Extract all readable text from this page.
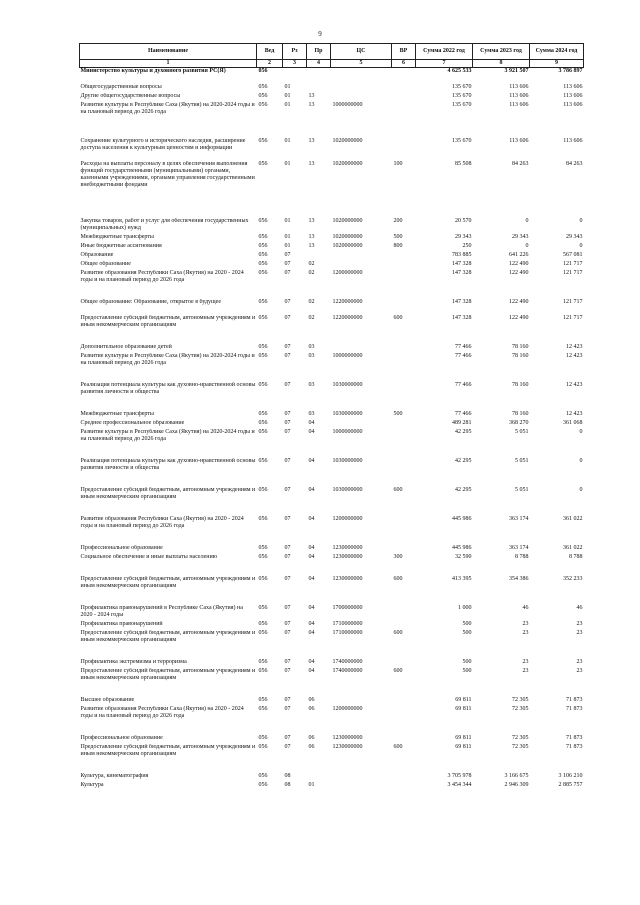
9
Наименование	Вед	Рз	Пр	ЦС	ВР	Сумма 2022 год	Сумма 2023 год	Сумма 2024 год
1	2	3	4	5	6	7	8	9
Министерство культуры и духовного развития РС(Я)	056					4 625 533	3 921 507	3 786 897
Общегосударственные вопросы	056	01				135 670	113 606	113 606
Другие общегосударственные вопросы	056	01	13			135 670	113 606	113 606
Развитие культуры в Республике Саха (Якутия) на 2020-2024 годы и на плановый период до 2026 года	056	01	13	1000000000		135 670	113 606	113 606
Сохранение культурного и исторического наследия, расширение доступа населения к культурным ценностям и информации	056	01	13	1020000000		135 670	113 606	113 606
Расходы на выплаты персоналу в целях обеспечения выполнения функций государственными (муниципальными) органами, казенными учреждениями, органами управления государственными внебюджетными фондами	056	01	13	1020000000	100	85 508	84 263	84 263
Закупка товаров, работ и услуг для обеспечения государственных (муниципальных) нужд	056	01	13	1020000000	200	20 570	0	0
Межбюджетные трансферты	056	01	13	1020000000	500	29 343	29 343	29 343
Иные бюджетные ассигнования	056	01	13	1020000000	800	250	0	0
Образование	056	07				783 885	641 226	567 081
Общее образование	056	07	02			147 328	122 490	121 717
Развитие образования Республики Саха (Якутия) на 2020 - 2024 годы и на плановый период до 2026 года	056	07	02	1200000000		147 328	122 490	121 717
Общее образование: Образование, открытое в будущее	056	07	02	1220000000		147 328	122 490	121 717
Предоставление субсидий бюджетным, автономным учреждениям и иным некоммерческим организациям	056	07	02	1220000000	600	147 328	122 490	121 717
Дополнительное образование детей	056	07	03			77 466	78 160	12 423
Развитие культуры в Республике Саха (Якутия) на 2020-2024 годы и на плановый период до 2026 года	056	07	03	1000000000		77 466	78 160	12 423
Реализация потенциала культуры как духовно-нравственной основы развития личности и общества	056	07	03	1030000000		77 466	78 160	12 423
Межбюджетные трансферты	056	07	03	1030000000	500	77 466	78 160	12 423
Среднее профессиональное образование	056	07	04			489 281	368 270	361 068
Развитие культуры в Республике Саха (Якутия) на 2020-2024 годы и на плановый период до 2026 года	056	07	04	1000000000		42 295	5 051	0
Реализация потенциала культуры как духовно-нравственной основы развития личности и общества	056	07	04	1030000000		42 295	5 051	0
Предоставление субсидий бюджетным, автономным учреждениям и иным некоммерческим организациям	056	07	04	1030000000	600	42 295	5 051	0
Развитие образования Республики Саха (Якутия) на 2020 - 2024 годы и на плановый период до 2026 года	056	07	04	1200000000		445 986	363 174	361 022
Профессиональное образование	056	07	04	1230000000		445 986	363 174	361 022
Социальное обеспечение и иные выплаты населению	056	07	04	1230000000	300	32 590	8 788	8 788
Предоставление субсидий бюджетным, автономным учреждениям и иным некоммерческим организациям	056	07	04	1230000000	600	413 395	354 386	352 233
Профилактика правонарушений в Республике Саха (Якутия) на 2020 - 2024 годы	056	07	04	1700000000		1 000	46	46
Профилактика правонарушений	056	07	04	1710000000		500	23	23
Предоставление субсидий бюджетным, автономным учреждениям и иным некоммерческим организациям	056	07	04	1710000000	600	500	23	23
Профилактика экстремизма и терроризма	056	07	04	1740000000		500	23	23
Предоставление субсидий бюджетным, автономным учреждениям и иным некоммерческим организациям	056	07	04	1740000000	600	500	23	23
Высшее образование	056	07	06			69 811	72 305	71 873
Развитие образования Республики Саха (Якутия) на 2020 - 2024 годы и на плановый период до 2026 года	056	07	06	1200000000		69 811	72 305	71 873
Профессиональное образование	056	07	06	1230000000		69 811	72 305	71 873
Предоставление субсидий бюджетным, автономным учреждениям и иным некоммерческим организациям	056	07	06	1230000000	600	69 811	72 305	71 873
Культура, кинематография	056	08				3 705 978	3 166 675	3 106 210
Культура	056	08	01			3 454 344	2 946 309	2 885 757
